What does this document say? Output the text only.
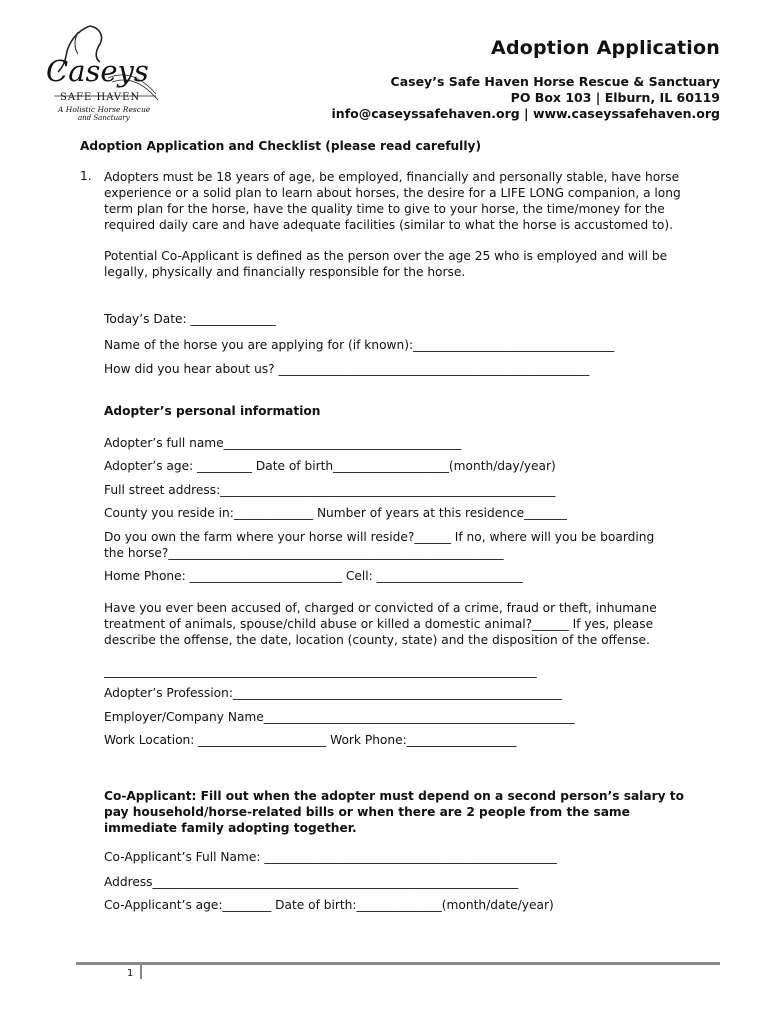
Caseys
SAFE HAVEN
A Holistic Horse Rescue
and Sanctuary
Adoption Application
Casey’s Safe Haven Horse Rescue & Sanctuary
PO Box 103 | Elburn, IL 60119
info@caseyssafehaven.org | www.caseyssafehaven.org
Adoption Application and Checklist (please read carefully)
1. Adopters must be 18 years of age, be employed, financially and personally stable, have horse
experience or a solid plan to learn about horses, the desire for a LIFE LONG companion, a long
term plan for the horse, have the quality time to give to your horse, the time/money for the
required daily care and have adequate facilities (similar to what the horse is accustomed to).
Potential Co-Applicant is defined as the person over the age 25 who is employed and will be
legally, physically and financially responsible for the horse.
Today’s Date: ______________
Name of the horse you are applying for (if known):_________________________________
How did you hear about us? ___________________________________________________
Adopter’s personal information
Adopter’s full name_______________________________________
Adopter’s age: _________ Date of birth___________________(month/day/year)
Full street address:_______________________________________________________
County you reside in:_____________ Number of years at this residence_______
Do you own the farm where your horse will reside?______ If no, where will you be boarding
the horse?_______________________________________________________
Home Phone: _________________________ Cell: ________________________
Have you ever been accused of, charged or convicted of a crime, fraud or theft, inhumane
treatment of animals, spouse/child abuse or killed a domestic animal?______ If yes, please
describe the offense, the date, location (county, state) and the disposition of the offense.
_______________________________________________________________________
Adopter’s Profession:______________________________________________________
Employer/Company Name___________________________________________________
Work Location: _____________________ Work Phone:__________________
Co-Applicant: Fill out when the adopter must depend on a second person’s salary to
pay household/horse-related bills or when there are 2 people from the same
immediate family adopting together.
Co-Applicant’s Full Name: ________________________________________________
Address____________________________________________________________
Co-Applicant’s age:________ Date of birth:______________(month/date/year)
1
